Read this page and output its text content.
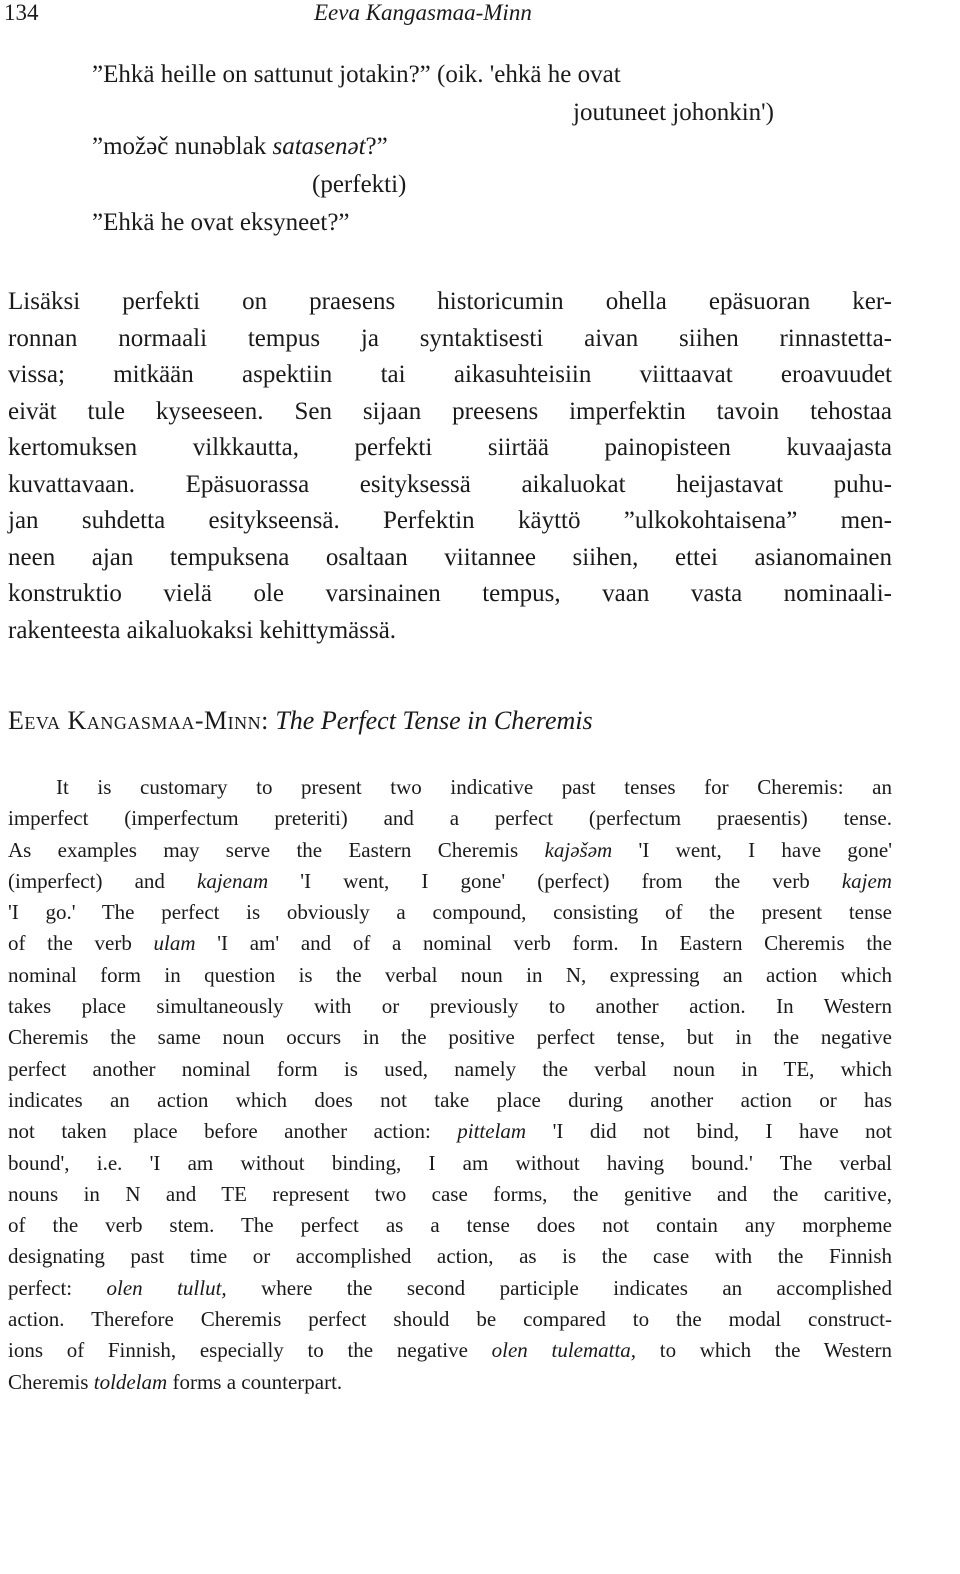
134	Eeva Kangasmaa-Minn
”Ehkä heille on sattunut jotakin?” (oik. 'ehkä he ovat
joutuneet johonkin')
”možəč nunəblak satasenət?”
(perfekti)
”Ehkä he ovat eksyneet?”
Lisäksi perfekti on praesens historicumin ohella epäsuoran ker-
ronnan normaali tempus ja syntaktisesti aivan siihen rinnastetta-
vissa; mitkään aspektiin tai aikasuhteisiin viittaavat eroavuudet
eivät tule kyseeseen. Sen sijaan preesens imperfektin tavoin tehostaa
kertomuksen vilkkautta, perfekti siirtää painopisteen kuvaajasta
kuvattavaan. Epäsuorassa esityksessä aikaluokat heijastavat puhu-
jan suhdetta esitykseensä. Perfektin käyttö ”ulkokohtaisena” men-
neen ajan tempuksena osaltaan viitannee siihen, ettei asianomainen
konstruktio vielä ole varsinainen tempus, vaan vasta nominaali-
rakenteesta aikaluokaksi kehittymässä.
Eeva Kangasmaa-Minn: The Perfect Tense in Cheremis
It is customary to present two indicative past tenses for Cheremis: an
imperfect (imperfectum preteriti) and a perfect (perfectum praesentis) tense.
As examples may serve the Eastern Cheremis kajəšəm 'I went, I have gone'
(imperfect) and kajenam 'I went, I gone' (perfect) from the verb kajem
'I go.' The perfect is obviously a compound, consisting of the present tense
of the verb ulam 'I am' and of a nominal verb form. In Eastern Cheremis the
nominal form in question is the verbal noun in N, expressing an action which
takes place simultaneously with or previously to another action. In Western
Cheremis the same noun occurs in the positive perfect tense, but in the negative
perfect another nominal form is used, namely the verbal noun in TE, which
indicates an action which does not take place during another action or has
not taken place before another action: pittelam 'I did not bind, I have not
bound', i.e. 'I am without binding, I am without having bound.' The verbal
nouns in N and TE represent two case forms, the genitive and the caritive,
of the verb stem. The perfect as a tense does not contain any morpheme
designating past time or accomplished action, as is the case with the Finnish
perfect: olen tullut, where the second participle indicates an accomplished
action. Therefore Cheremis perfect should be compared to the modal construct-
ions of Finnish, especially to the negative olen tulematta, to which the Western
Cheremis toldelam forms a counterpart.
